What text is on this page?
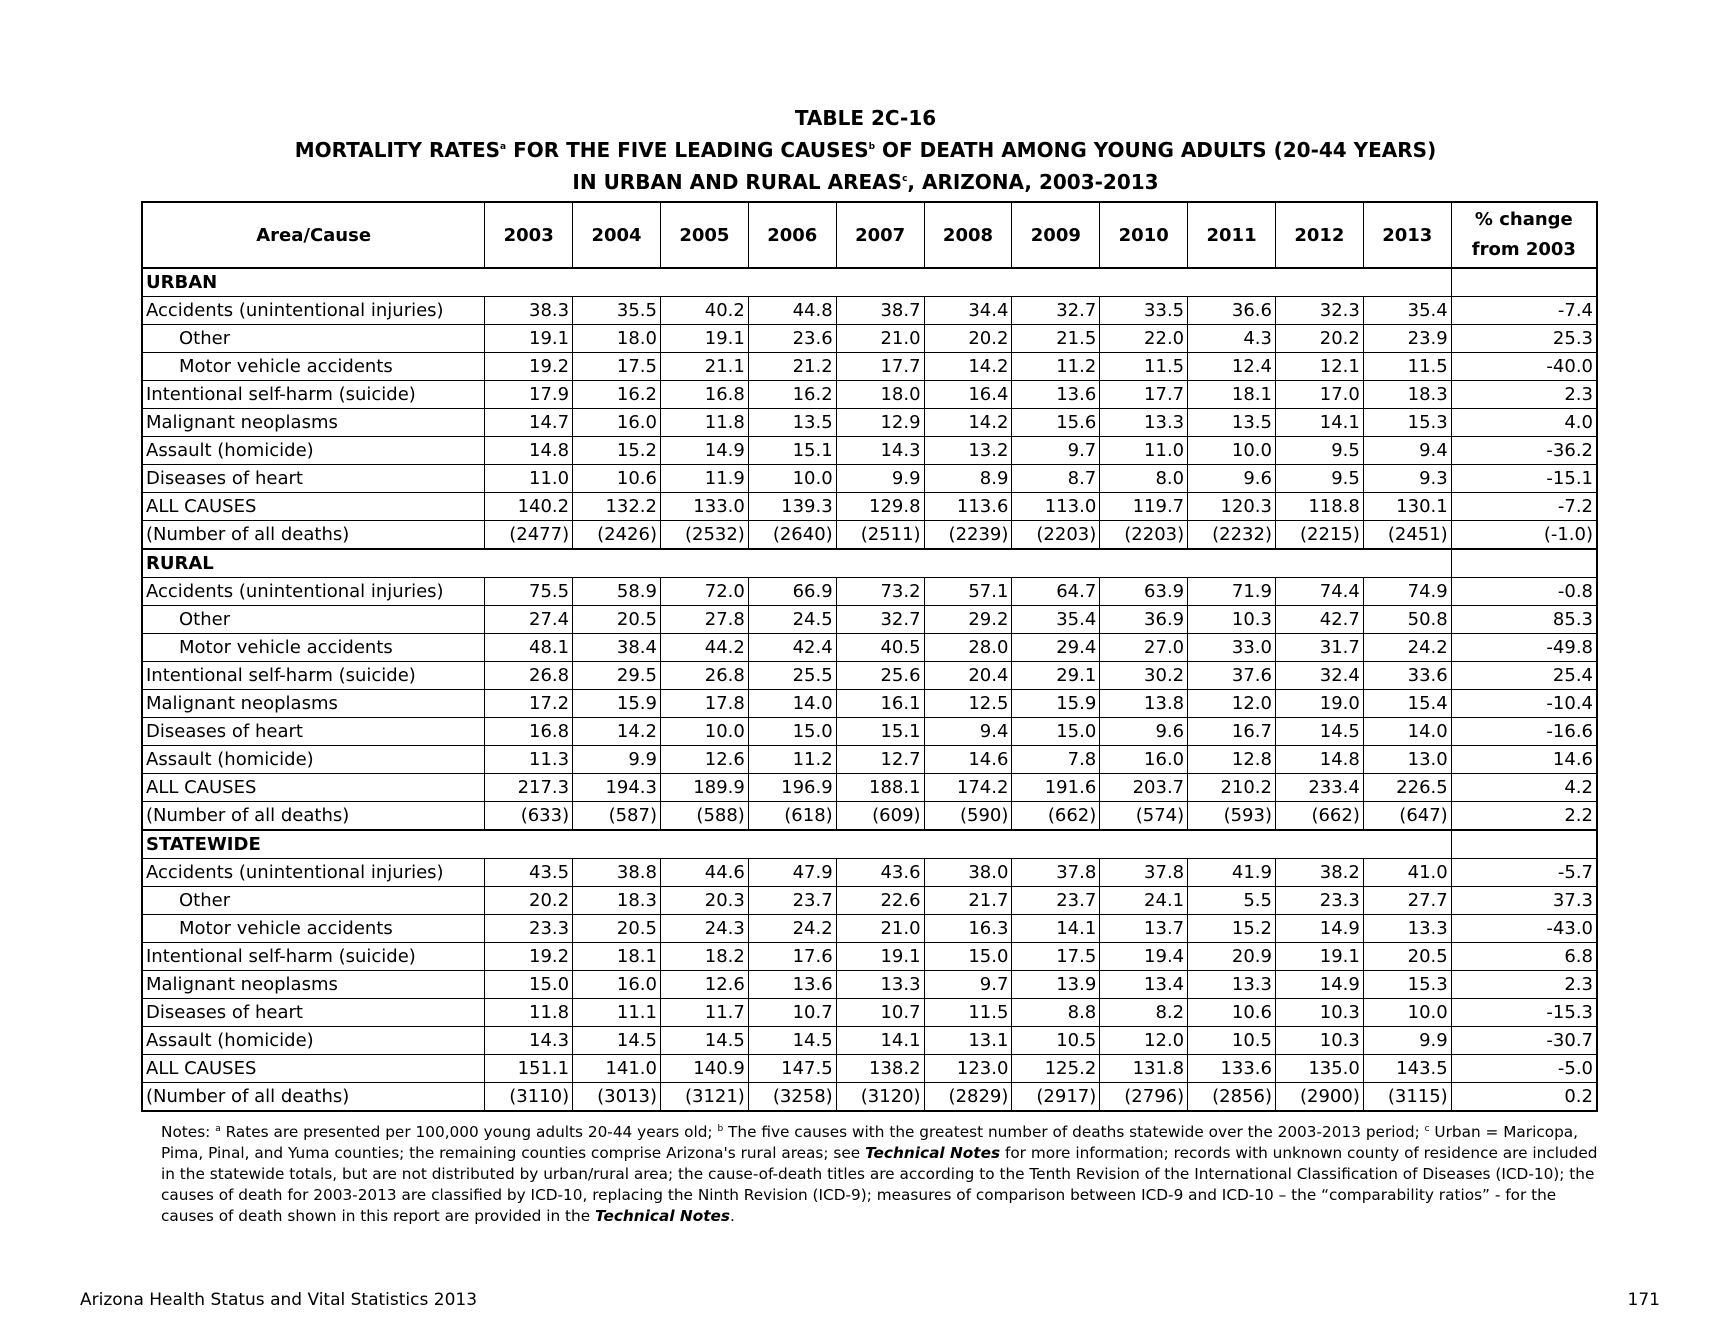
TABLE 2C-16
MORTALITY RATES$^a$ FOR THE FIVE LEADING CAUSES$^b$ OF DEATH AMONG YOUNG ADULTS (20-44 YEARS)
IN URBAN AND RURAL AREAS$^c$, ARIZONA, 2003-2013
Area/Cause	2003	2004	2005	2006	2007	2008	2009	2010	2011	2012	2013	% change
from 2003
URBAN												
Accidents (unintentional injuries)	38.3	35.5	40.2	44.8	38.7	34.4	32.7	33.5	36.6	32.3	35.4	-7.4
Other	19.1	18.0	19.1	23.6	21.0	20.2	21.5	22.0	4.3	20.2	23.9	25.3
Motor vehicle accidents	19.2	17.5	21.1	21.2	17.7	14.2	11.2	11.5	12.4	12.1	11.5	-40.0
Intentional self-harm (suicide)	17.9	16.2	16.8	16.2	18.0	16.4	13.6	17.7	18.1	17.0	18.3	2.3
Malignant neoplasms	14.7	16.0	11.8	13.5	12.9	14.2	15.6	13.3	13.5	14.1	15.3	4.0
Assault (homicide)	14.8	15.2	14.9	15.1	14.3	13.2	9.7	11.0	10.0	9.5	9.4	-36.2
Diseases of heart	11.0	10.6	11.9	10.0	9.9	8.9	8.7	8.0	9.6	9.5	9.3	-15.1
ALL CAUSES	140.2	132.2	133.0	139.3	129.8	113.6	113.0	119.7	120.3	118.8	130.1	-7.2
(Number of all deaths)	(2477)	(2426)	(2532)	(2640)	(2511)	(2239)	(2203)	(2203)	(2232)	(2215)	(2451)	(-1.0)
RURAL												
Accidents (unintentional injuries)	75.5	58.9	72.0	66.9	73.2	57.1	64.7	63.9	71.9	74.4	74.9	-0.8
Other	27.4	20.5	27.8	24.5	32.7	29.2	35.4	36.9	10.3	42.7	50.8	85.3
Motor vehicle accidents	48.1	38.4	44.2	42.4	40.5	28.0	29.4	27.0	33.0	31.7	24.2	-49.8
Intentional self-harm (suicide)	26.8	29.5	26.8	25.5	25.6	20.4	29.1	30.2	37.6	32.4	33.6	25.4
Malignant neoplasms	17.2	15.9	17.8	14.0	16.1	12.5	15.9	13.8	12.0	19.0	15.4	-10.4
Diseases of heart	16.8	14.2	10.0	15.0	15.1	9.4	15.0	9.6	16.7	14.5	14.0	-16.6
Assault (homicide)	11.3	9.9	12.6	11.2	12.7	14.6	7.8	16.0	12.8	14.8	13.0	14.6
ALL CAUSES	217.3	194.3	189.9	196.9	188.1	174.2	191.6	203.7	210.2	233.4	226.5	4.2
(Number of all deaths)	(633)	(587)	(588)	(618)	(609)	(590)	(662)	(574)	(593)	(662)	(647)	2.2
STATEWIDE												
Accidents (unintentional injuries)	43.5	38.8	44.6	47.9	43.6	38.0	37.8	37.8	41.9	38.2	41.0	-5.7
Other	20.2	18.3	20.3	23.7	22.6	21.7	23.7	24.1	5.5	23.3	27.7	37.3
Motor vehicle accidents	23.3	20.5	24.3	24.2	21.0	16.3	14.1	13.7	15.2	14.9	13.3	-43.0
Intentional self-harm (suicide)	19.2	18.1	18.2	17.6	19.1	15.0	17.5	19.4	20.9	19.1	20.5	6.8
Malignant neoplasms	15.0	16.0	12.6	13.6	13.3	9.7	13.9	13.4	13.3	14.9	15.3	2.3
Diseases of heart	11.8	11.1	11.7	10.7	10.7	11.5	8.8	8.2	10.6	10.3	10.0	-15.3
Assault (homicide)	14.3	14.5	14.5	14.5	14.1	13.1	10.5	12.0	10.5	10.3	9.9	-30.7
ALL CAUSES	151.1	141.0	140.9	147.5	138.2	123.0	125.2	131.8	133.6	135.0	143.5	-5.0
(Number of all deaths)	(3110)	(3013)	(3121)	(3258)	(3120)	(2829)	(2917)	(2796)	(2856)	(2900)	(3115)	0.2
Notes: $^a$ Rates are presented per 100,000 young adults 20-44 years old; $^b$ The five causes with the greatest number of deaths statewide over the 2003-2013 period; $^c$ Urban = Maricopa, Pima, Pinal, and Yuma counties; the remaining counties comprise Arizona's rural areas; see Technical Notes for more information; records with unknown county of residence are included in the statewide totals, but are not distributed by urban/rural area; the cause-of-death titles are according to the Tenth Revision of the International Classification of Diseases (ICD-10); the causes of death for 2003-2013 are classified by ICD-10, replacing the Ninth Revision (ICD-9); measures of comparison between ICD-9 and ICD-10 – the “comparability ratios” - for the causes of death shown in this report are provided in the Technical Notes.
Arizona Health Status and Vital Statistics 2013	171
